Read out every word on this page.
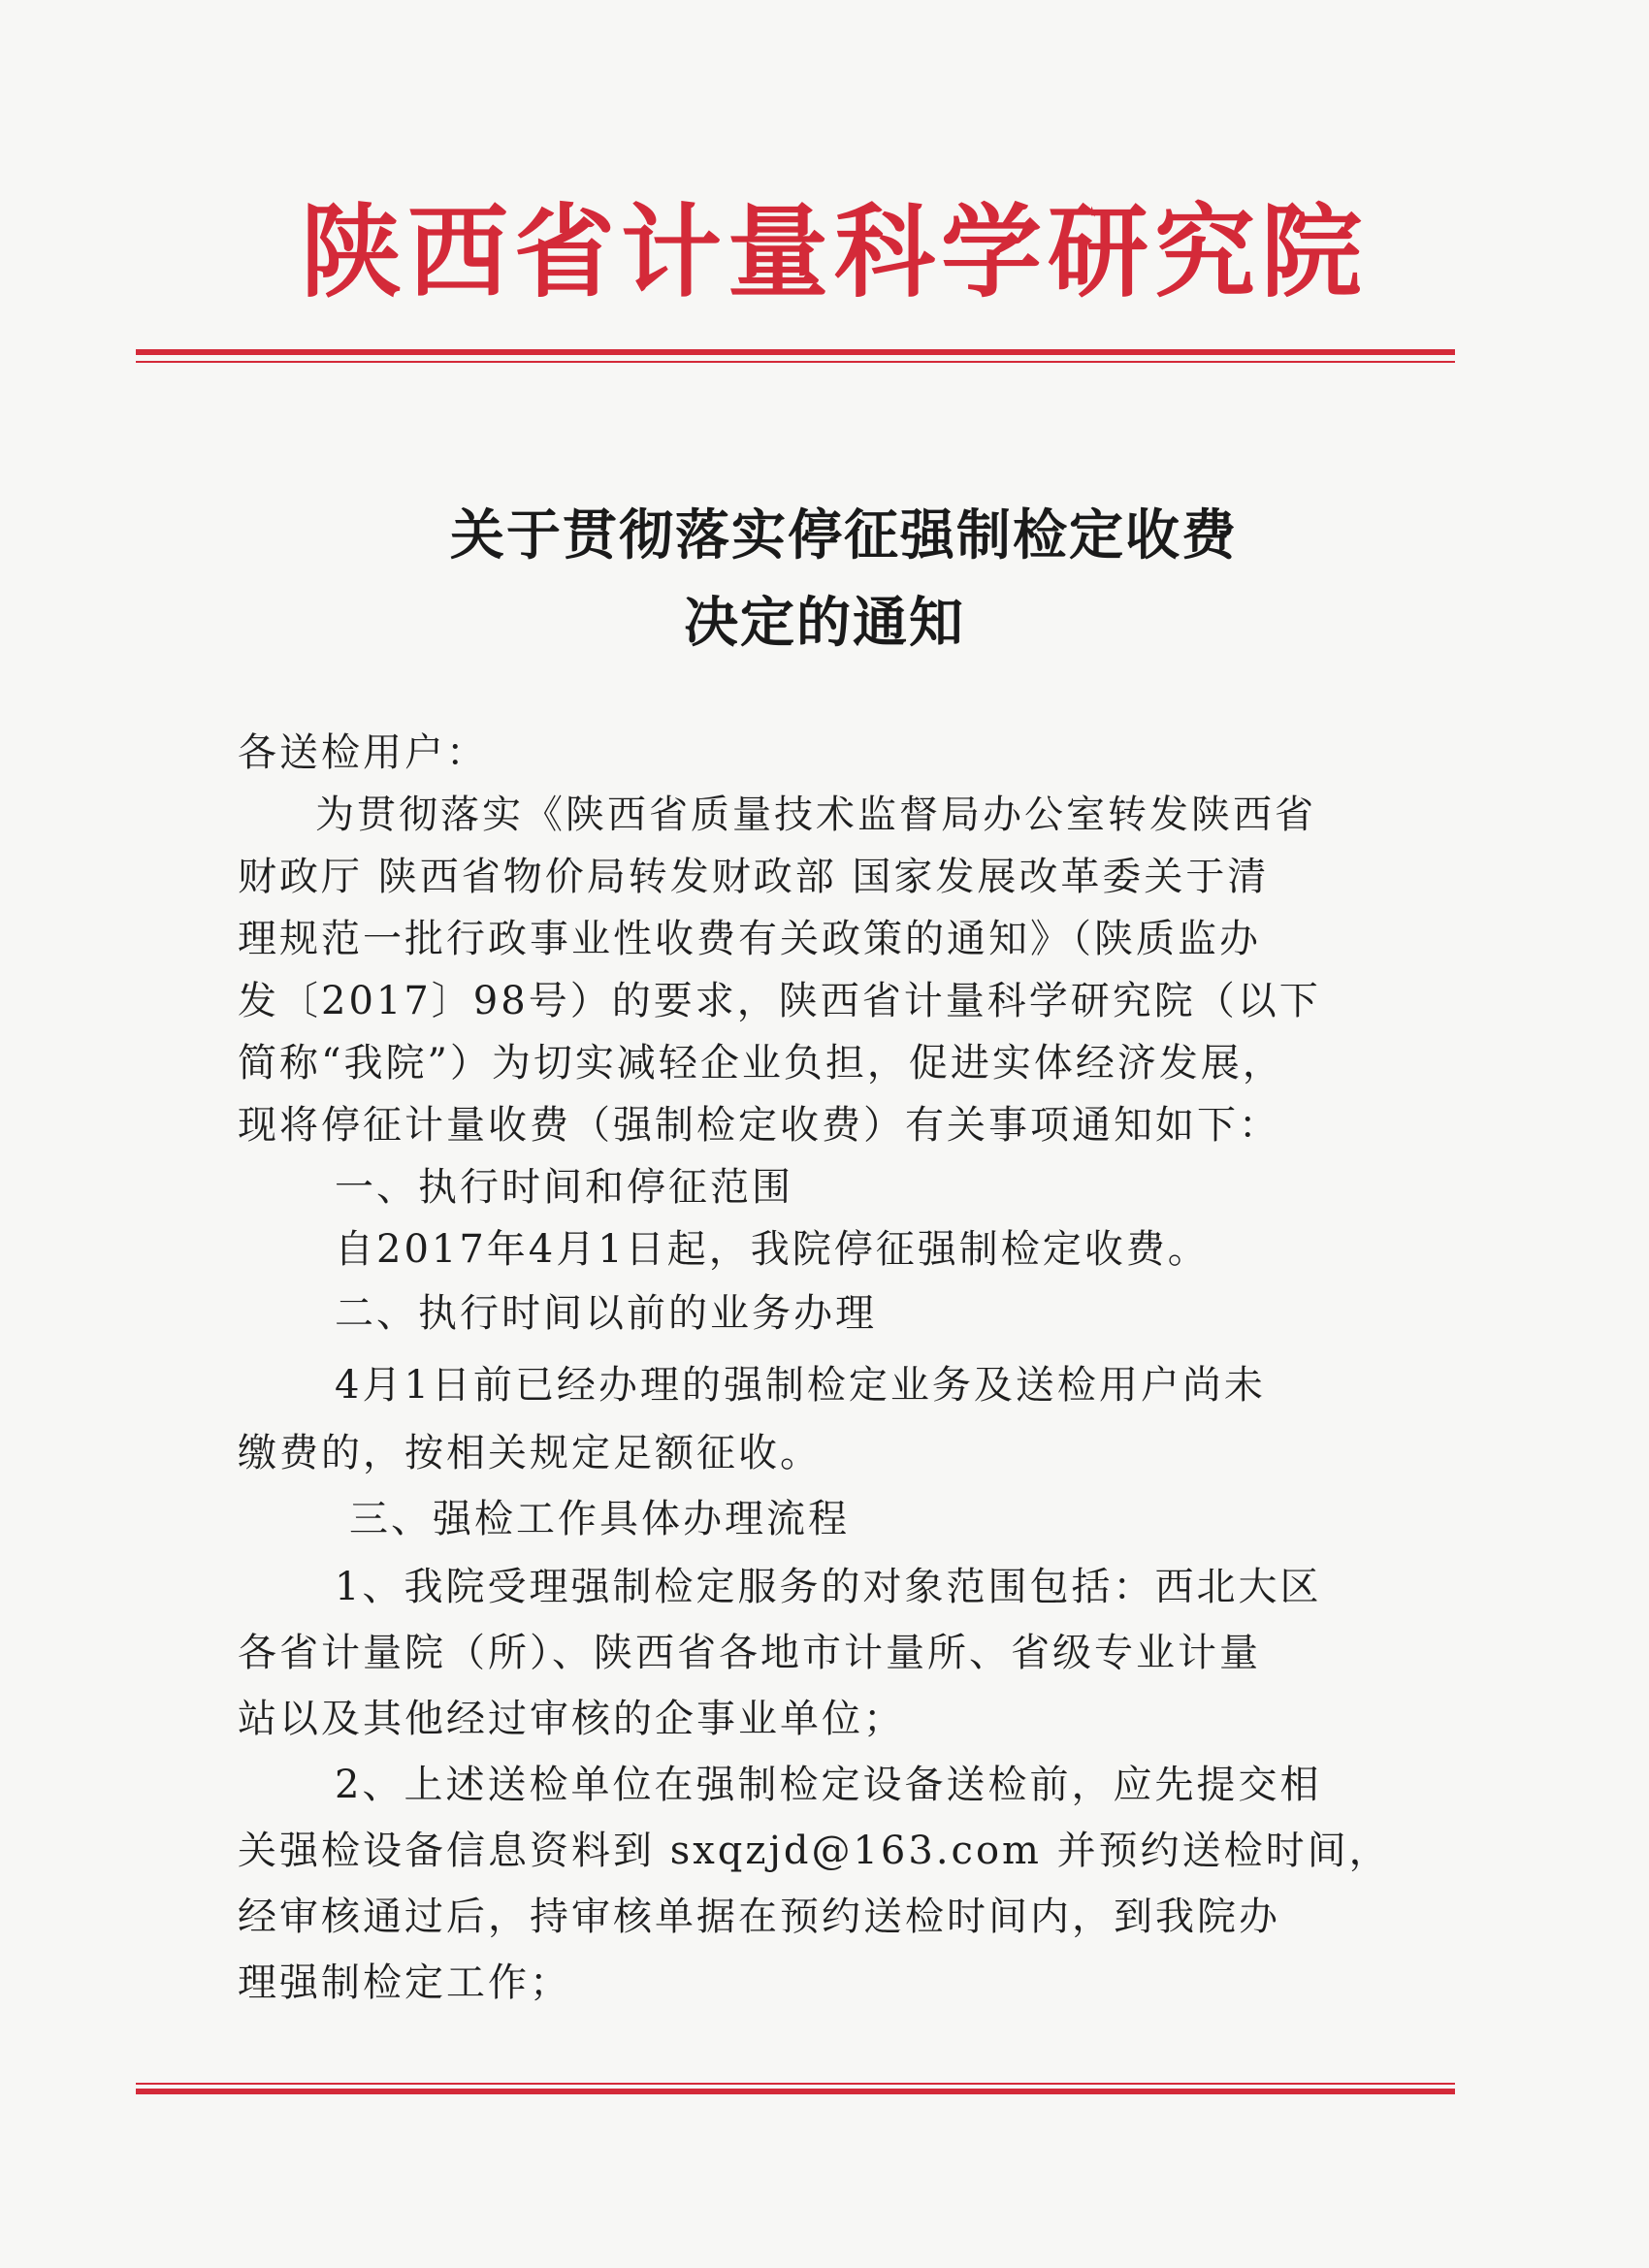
陕西省计量科学研究院
关于贯彻落实停征强制检定收费
决定的通知
各送检用户：
为贯彻落实《陕西省质量技术监督局办公室转发陕西省
财政厅 陕西省物价局转发财政部 国家发展改革委关于清
理规范一批行政事业性收费有关政策的通知》（陕质监办
发〔2017〕98号）的要求，陕西省计量科学研究院（以下
简称“我院”）为切实减轻企业负担，促进实体经济发展，
现将停征计量收费（强制检定收费）有关事项通知如下：
一、执行时间和停征范围
自2017年4月1日起，我院停征强制检定收费。
二、执行时间以前的业务办理
4月1日前已经办理的强制检定业务及送检用户尚未
缴费的，按相关规定足额征收。
三、强检工作具体办理流程
1、我院受理强制检定服务的对象范围包括：西北大区
各省计量院（所）、陕西省各地市计量所、省级专业计量
站以及其他经过审核的企事业单位；
2、上述送检单位在强制检定设备送检前，应先提交相
关强检设备信息资料到 sxqzjd@163.com 并预约送检时间，
经审核通过后，持审核单据在预约送检时间内，到我院办
理强制检定工作；
